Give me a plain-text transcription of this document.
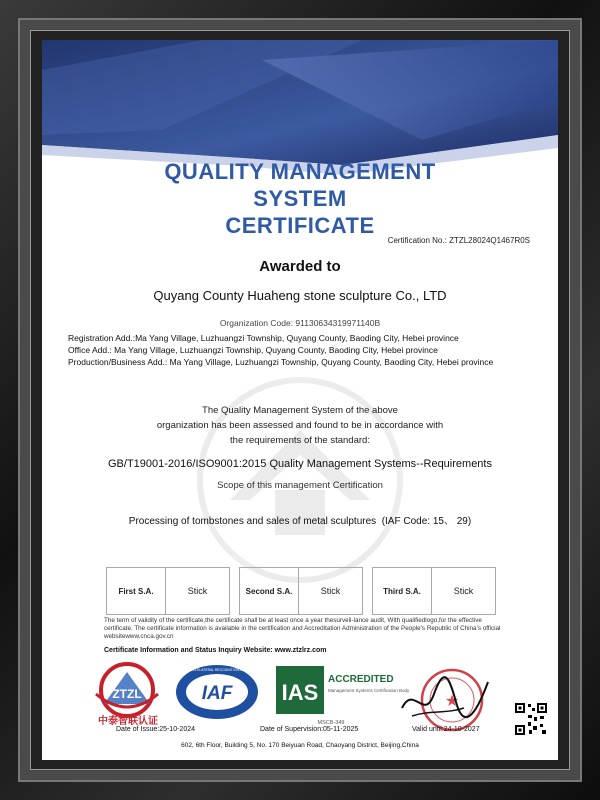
QUALITY MANAGEMENT
SYSTEM
CERTIFICATE
Certification No.: ZTZL28024Q1467R0S
Awarded to
Quyang County Huaheng stone sculpture Co., LTD
Organization Code: 91130634319971140B
Registration Add.:Ma Yang Village, Luzhuangzi Township, Quyang County, Baoding City, Hebei province
Office Add.: Ma Yang Village, Luzhuangzi Township, Quyang County, Baoding City, Hebei province
Production/Business Add.: Ma Yang Village, Luzhuangzi Township, Quyang County, Baoding City, Hebei province
The Quality Management System of the above
organization has been assessed and found to be in accordance with
the requirements of the standard:
GB/T19001-2016/ISO9001:2015 Quality Management Systems--Requirements
Scope of this management Certification
Processing of tombstones and sales of metal sculptures  (IAF Code: 15、 29)
First S.A.	Stick	Second S.A.	Stick	Third S.A.	Stick
The term of validity of the certificate,the certificate shall be at least once a year thesurveil-lance audit, With qualifiedlogo,for the effective certificate. The certificate information is available in the certification and Accreditation Administration of the People’s Republic of China’s official websitewww.cnca.gov.cn
Certificate Information and Status Inquiry Website: www.ztzlrz.com
ZTZL
中泰智联认证
IAF
MEMBER OF MULTILATERAL RECOGNITION ARRANGEMENT
IAS
ACCREDITED
Management Systems Certification Body
MSCB-349
★
Date of Issue:25-10-2024	Date of Supervision:05-11-2025	Valid until:24-10-2027
602, 6th Floor, Building 5, No. 170 Beiyuan Road, Chaoyang District, Beijing,China
